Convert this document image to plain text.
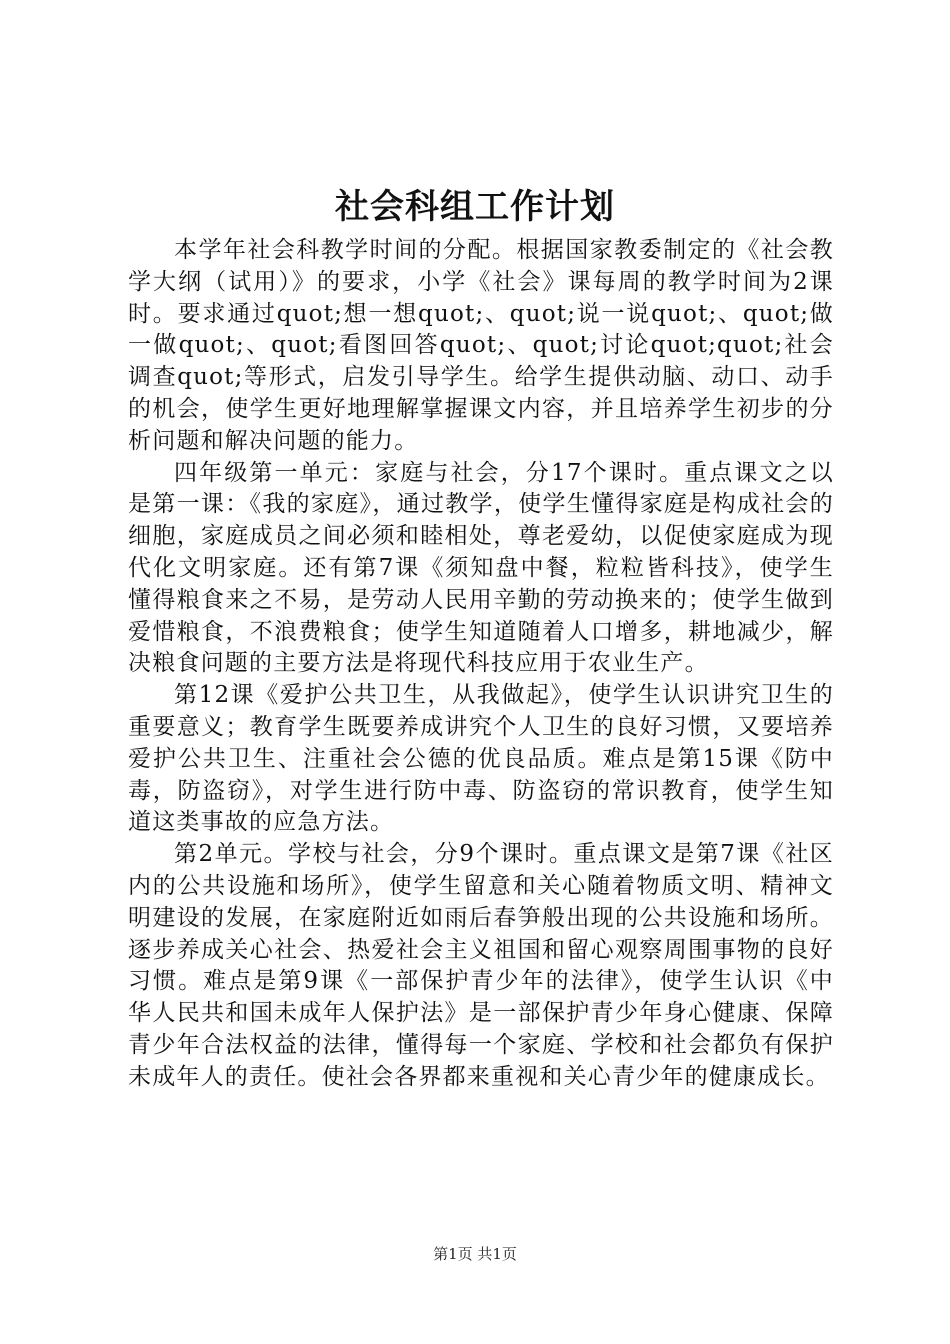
社会科组工作计划

本学年社会科教学时间的分配。根据国家教委制定的《社会教学大纲（试用）》的要求，小学《社会》课每周的教学时间为2课时。要求通过quot;想一想quot;、quot;说一说quot;、quot;做一做quot;、quot;看图回答quot;、quot;讨论quot;quot;社会调查quot;等形式，启发引导学生。给学生提供动脑、动口、动手的机会，使学生更好地理解掌握课文内容，并且培养学生初步的分析问题和解决问题的能力。

四年级第一单元：家庭与社会，分17个课时。重点课文之以是第一课：《我的家庭》，通过教学，使学生懂得家庭是构成社会的细胞，家庭成员之间必须和睦相处，尊老爱幼，以促使家庭成为现代化文明家庭。还有第7课《须知盘中餐，粒粒皆科技》，使学生懂得粮食来之不易，是劳动人民用辛勤的劳动换来的；使学生做到爱惜粮食，不浪费粮食；使学生知道随着人口增多，耕地减少，解决粮食问题的主要方法是将现代科技应用于农业生产。

第12课《爱护公共卫生，从我做起》，使学生认识讲究卫生的重要意义；教育学生既要养成讲究个人卫生的良好习惯，又要培养爱护公共卫生、注重社会公德的优良品质。难点是第15课《防中毒，防盗窃》，对学生进行防中毒、防盗窃的常识教育，使学生知道这类事故的应急方法。

第2单元。学校与社会，分9个课时。重点课文是第7课《社区内的公共设施和场所》，使学生留意和关心随着物质文明、精神文明建设的发展，在家庭附近如雨后春笋般出现的公共设施和场所。逐步养成关心社会、热爱社会主义祖国和留心观察周围事物的良好习惯。难点是第9课《一部保护青少年的法律》，使学生认识《中华人民共和国未成年人保护法》是一部保护青少年身心健康、保障青少年合法权益的法律，懂得每一个家庭、学校和社会都负有保护未成年人的责任。使社会各界都来重视和关心青少年的健康成长。

第1页 共1页
